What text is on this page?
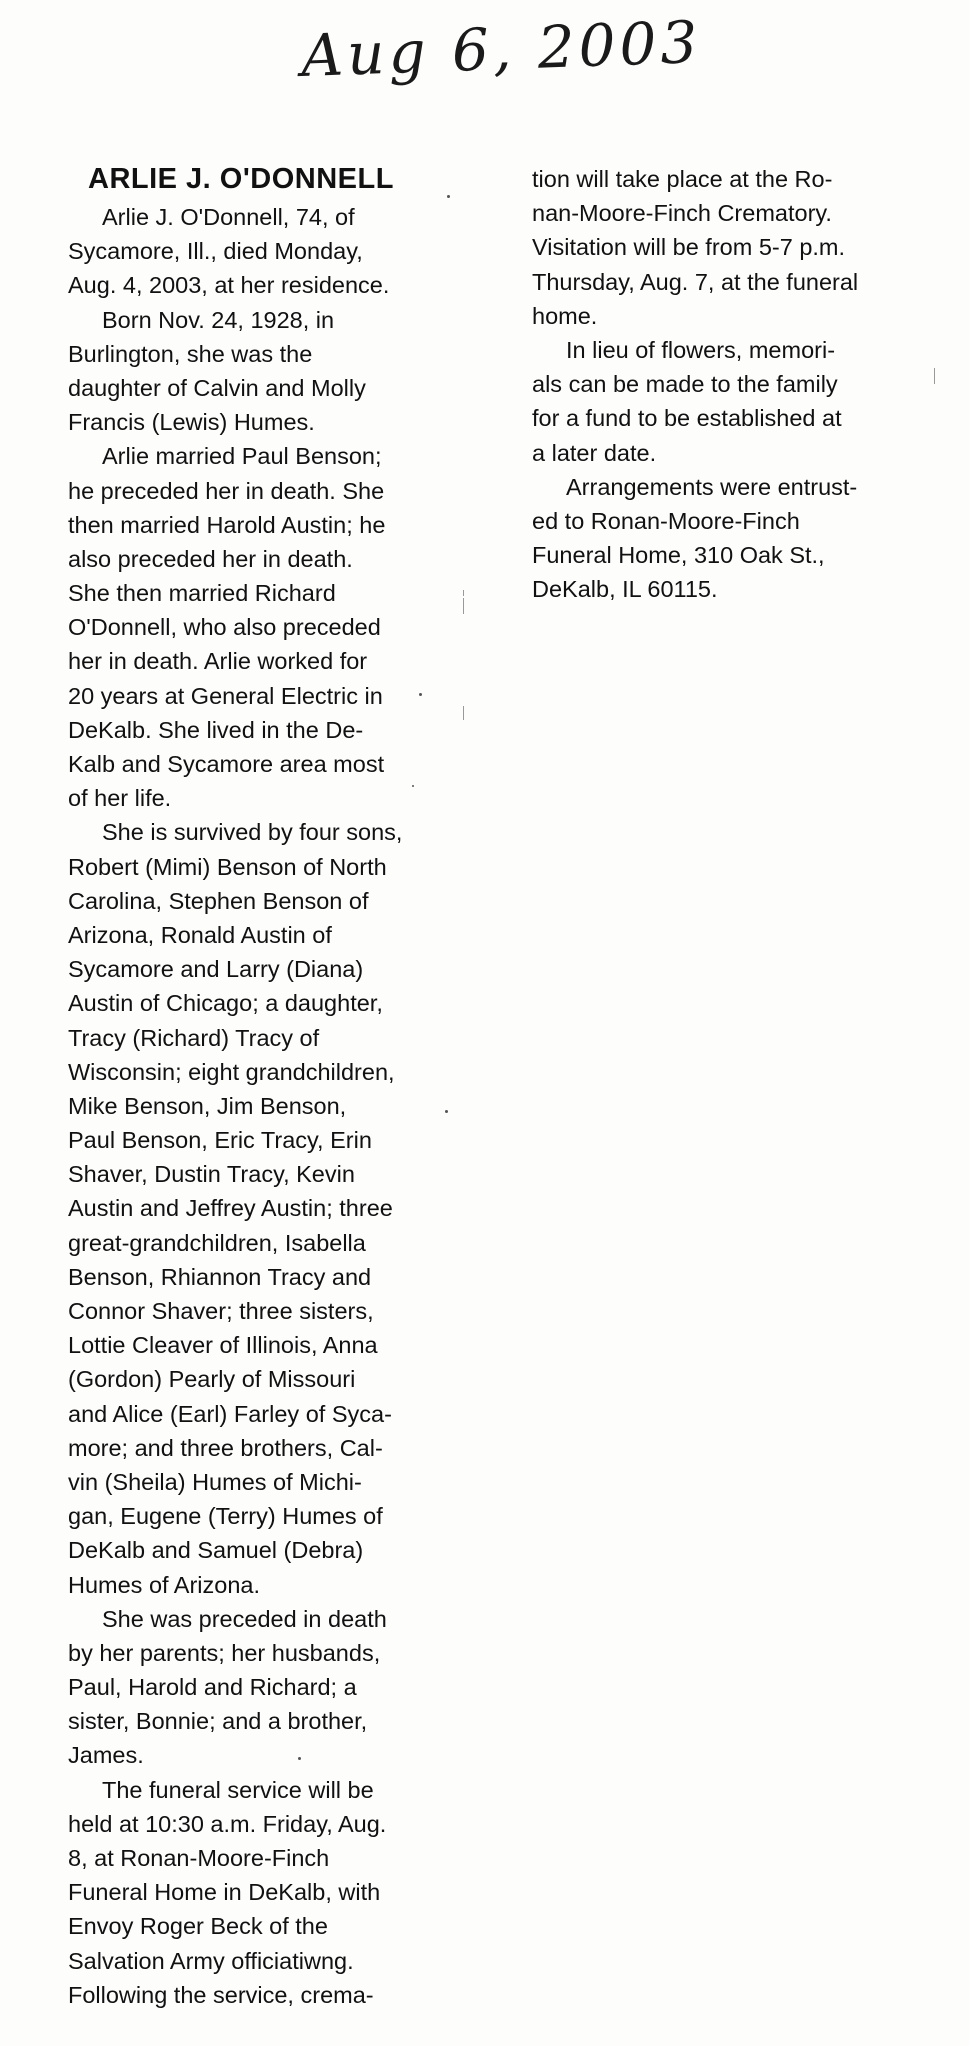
Aug 6, 2003
ARLIE J. O'DONNELL
Arlie J. O'Donnell, 74, of
Sycamore, Ill., died Monday,
Aug. 4, 2003, at her residence.
Born Nov. 24, 1928, in
Burlington, she was the
daughter of Calvin and Molly
Francis (Lewis) Humes.
Arlie married Paul Benson;
he preceded her in death. She
then married Harold Austin; he
also preceded her in death.
She then married Richard
O'Donnell, who also preceded
her in death. Arlie worked for
20 years at General Electric in
DeKalb. She lived in the De-
Kalb and Sycamore area most
of her life.
She is survived by four sons,
Robert (Mimi) Benson of North
Carolina, Stephen Benson of
Arizona, Ronald Austin of
Sycamore and Larry (Diana)
Austin of Chicago; a daughter,
Tracy (Richard) Tracy of
Wisconsin; eight grandchildren,
Mike Benson, Jim Benson,
Paul Benson, Eric Tracy, Erin
Shaver, Dustin Tracy, Kevin
Austin and Jeffrey Austin; three
great-grandchildren, Isabella
Benson, Rhiannon Tracy and
Connor Shaver; three sisters,
Lottie Cleaver of Illinois, Anna
(Gordon) Pearly of Missouri
and Alice (Earl) Farley of Syca-
more; and three brothers, Cal-
vin (Sheila) Humes of Michi-
gan, Eugene (Terry) Humes of
DeKalb and Samuel (Debra)
Humes of Arizona.
She was preceded in death
by her parents; her husbands,
Paul, Harold and Richard; a
sister, Bonnie; and a brother,
James.
The funeral service will be
held at 10:30 a.m. Friday, Aug.
8, at Ronan-Moore-Finch
Funeral Home in DeKalb, with
Envoy Roger Beck of the
Salvation Army officiatiwng.
Following the service, crema-
tion will take place at the Ro-
nan-Moore-Finch Crematory.
Visitation will be from 5-7 p.m.
Thursday, Aug. 7, at the funeral
home.
In lieu of flowers, memori-
als can be made to the family
for a fund to be established at
a later date.
Arrangements were entrust-
ed to Ronan-Moore-Finch
Funeral Home, 310 Oak St.,
DeKalb, IL 60115.
